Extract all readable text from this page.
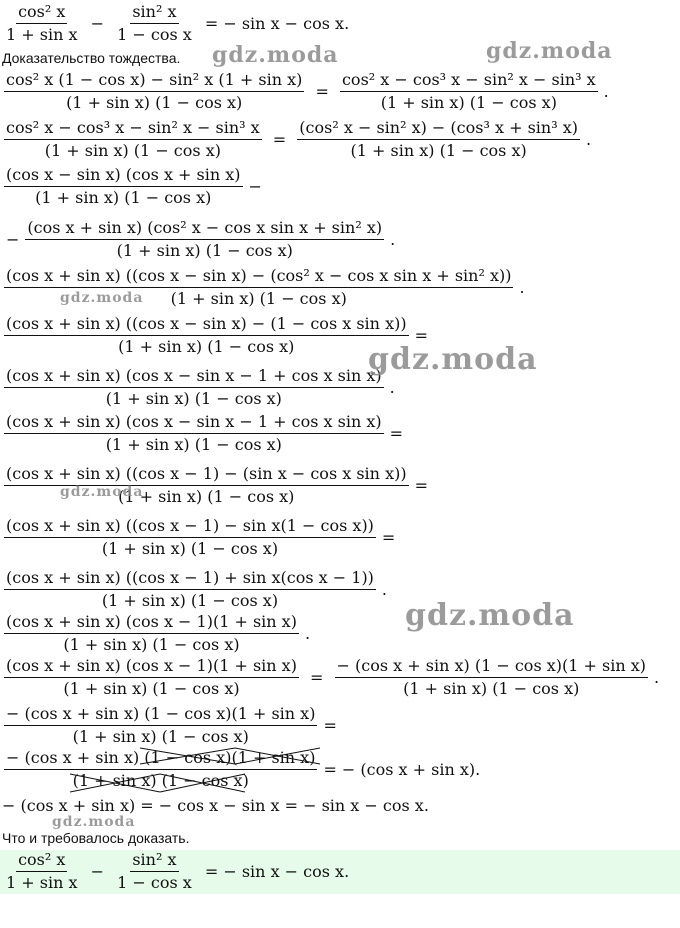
$\frac{\text{cos² x}}{\text{1 + sin x}} - \frac{\text{sin² x}}{\text{1 − cos x}}$ = − sin x − cos x.
Доказательство тождества.
$\frac{\text{cos² x (1 − cos x) − sin² x (1 + sin x)}}{\text{(1 + sin x) (1 − cos x)}} = \frac{\text{cos² x − cos³ x − sin² x − sin³ x}}{\text{(1 + sin x) (1 − cos x)}}$ .
$\frac{\text{cos² x − cos³ x − sin² x − sin³ x}}{\text{(1 + sin x) (1 − cos x)}} = \frac{\text{(cos² x − sin² x) − (cos³ x + sin³ x)}}{\text{(1 + sin x) (1 − cos x)}}$ .
$\frac{\text{(cos x − sin x) (cos x + sin x)}}{\text{(1 + sin x) (1 − cos x)}}$ −
− $\frac{\text{(cos x + sin x) (cos² x − cos x sin x + sin² x)}}{\text{(1 + sin x) (1 − cos x)}}$ .
(cos x + sin x) ((cos x − sin x) − (cos² x − cos x sin x + sin² x))
(1 + sin x) (1 − cos x)
.
$\frac{\text{(cos x + sin x) ((cos x − sin x) − (1 − cos x sin x))}}{\text{(1 + sin x) (1 − cos x)}}$ =
$\frac{\text{(cos x + sin x) (cos x − sin x − 1 + cos x sin x)}}{\text{(1 + sin x) (1 − cos x)}}$ .
$\frac{\text{(cos x + sin x) (cos x − sin x − 1 + cos x sin x)}}{\text{(1 + sin x) (1 − cos x)}}$ =
$\frac{\text{(cos x + sin x) ((cos x − 1) − (sin x − cos x sin x))}}{\text{(1 + sin x) (1 − cos x)}}$ =
$\frac{\text{(cos x + sin x) ((cos x − 1) − sin x(1 − cos x))}}{\text{(1 + sin x) (1 − cos x)}}$ =
$\frac{\text{(cos x + sin x) ((cos x − 1) + sin x(cos x − 1))}}{\text{(1 + sin x) (1 − cos x)}}$ .
$\frac{\text{(cos x + sin x) (cos x − 1)(1 + sin x)}}{\text{(1 + sin x) (1 − cos x)}}$ .
$\frac{\text{(cos x + sin x) (cos x − 1)(1 + sin x)}}{\text{(1 + sin x) (1 − cos x)}} = \frac{\text{− (cos x + sin x) (1 − cos x)(1 + sin x)}}{\text{(1 + sin x) (1 − cos x)}}$ .
$\frac{\text{− (cos x + sin x) (1 − cos x)(1 + sin x)}}{\text{(1 + sin x) (1 − cos x)}}$ =
$\frac{\text{− (cos x + sin x) (1 − cos x)(1 + sin x)}}{\text{(1 + sin x) (1 − cos x)}}$ = − (cos x + sin x).
− (cos x + sin x) = − cos x − sin x = − sin x − cos x.
Что и требовалось доказать.
$\frac{\text{cos² x}}{\text{1 + sin x}} - \frac{\text{sin² x}}{\text{1 − cos x}}$ = − sin x − cos x.
gdz.moda	gdz.moda
gdz.moda
gdz.moda
gdz.moda
gdz.moda
gdz.moda
